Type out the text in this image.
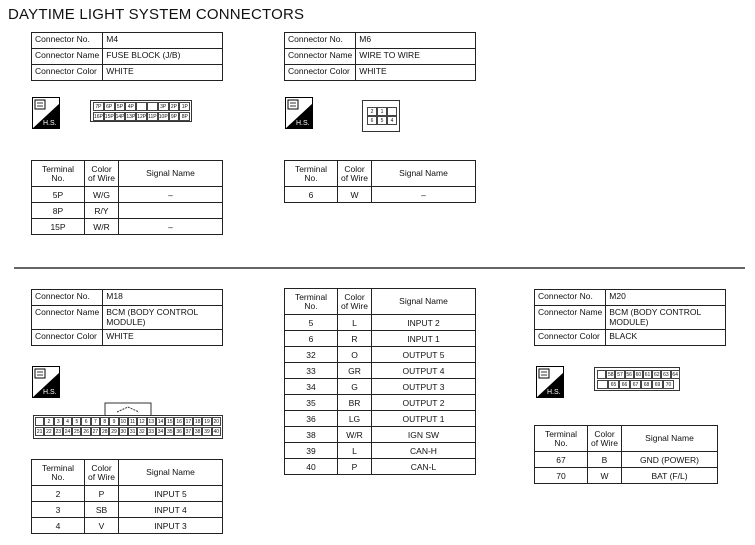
DAYTIME LIGHT SYSTEM CONNECTORS
Connector No.	M4
Connector Name	FUSE BLOCK (J/B)
Connector Color	WHITE
H.S.
7P 6P 5P 4P	3P 2P 1P
16P 15P 14P 13P 12P 11P 10P 9P 8P
Terminal No.	Color of Wire	Signal Name
5P	W/G	–
8P	R/Y	
15P	W/R	–
Connector No.	M6
Connector Name	WIRE TO WIRE
Connector Color	WHITE
H.S.
2	1
6	5	4
Terminal No.	Color of Wire	Signal Name
6	W	–
Connector No.	M18
Connector Name	BCM (BODY CONTROL MODULE)
Connector Color	WHITE
H.S.
2	3	4	5	6	7	8	9	10 11 12 13 14 15 16 17 18 19 20
21 22 23 24 25 26 27 28 29 30 31 32 33 34 35 36 37 38 39 40
Terminal No.	Color of Wire	Signal Name
2	P	INPUT 5
3	SB	INPUT 4
4	V	INPUT 3
Terminal No.	Color of Wire	Signal Name
5	L	INPUT 2
6	R	INPUT 1
32	O	OUTPUT 5
33	GR	OUTPUT 4
34	G	OUTPUT 3
35	BR	OUTPUT 2
36	LG	OUTPUT 1
38	W/R	IGN SW
39	L	CAN-H
40	P	CAN-L
Connector No.	M20
Connector Name	BCM (BODY CONTROL MODULE)
Connector Color	BLACK
H.S.
58 57 56 60 61 62 63 64
65	66	67	68	69	70
Terminal No.	Color of Wire	Signal Name
67	B	GND (POWER)
70	W	BAT (F/L)
